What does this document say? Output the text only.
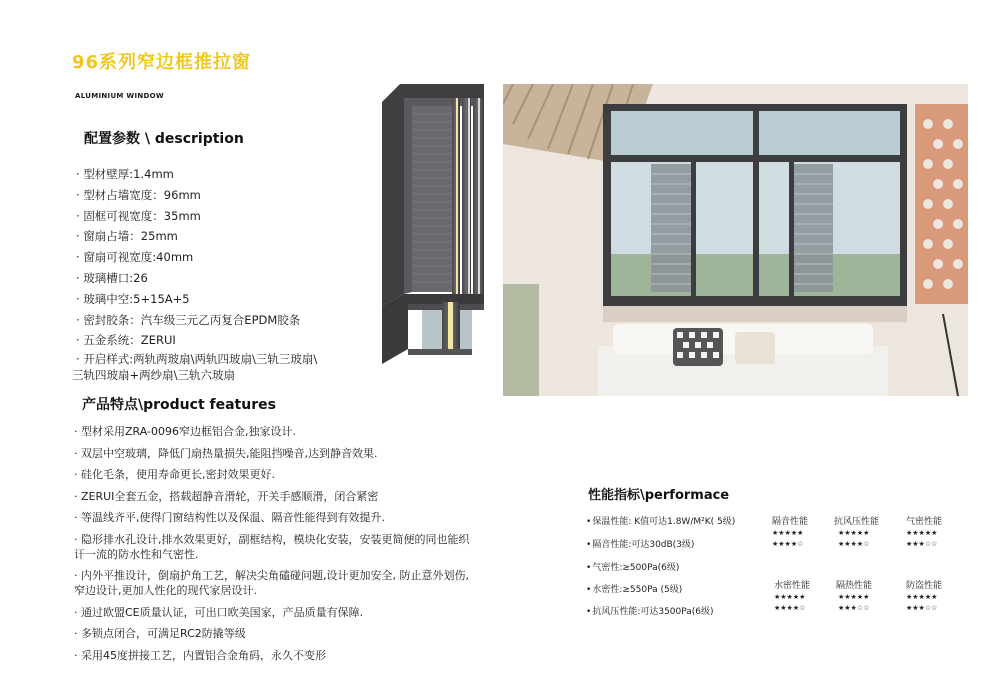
96系列窄边框推拉窗
ALUMINIUM WINDOW
配置参数 \ description
· 型材壁厚:1.4mm
· 型材占墙宽度：96mm
· 固框可视宽度：35mm
· 窗扇占墙：25mm
· 窗扇可视宽度:40mm
· 玻璃槽口:26
· 玻璃中空:5+15A+5
· 密封胶条：汽车级三元乙丙复合EPDM胶条
· 五金系统：ZERUI
· 开启样式:两轨两玻扇\两轨四玻扇\三轨三玻扇\
三轨四玻扇+两纱扇\三轨六玻扇
产品特点\product features
· 型材采用ZRA-0096窄边框铝合金,独家设计.
· 双层中空玻璃，降低门扇热量损失,能阻挡噪音,达到静音效果.
· 硅化毛条，使用寿命更长,密封效果更好.
· ZERUI全套五金，搭载超静音滑轮，开关手感顺滑，闭合紧密
· 等温线齐平,使得门窗结构性以及保温、隔音性能得到有效提升.
· 隐形排水孔设计,排水效果更好，副框结构，模块化安装，安装更简便的同也能织
讦一流的防水性和气密性.
· 内外平推设计，倒扇护角工艺，解决尖角磕碰问题,设计更加安全, 防止意外划伤,
窄边设计,更加人性化的现代家居设计.
· 通过欧盟CE质量认证，可出口欧美国家，产品质量有保障.
· 多锁点闭合，可满足RC2防撬等级
· 采用45度拼接工艺，内置铝合金角码，永久不变形
性能指标\performace
• 保温性能: K值可达1.8W/M²K( 5级)
• 隔音性能:可达30dB(3级)
• 气密性:≥500Pa(6级)
• 水密性:≥550Pa (5级)
• 抗风压性能:可达3500Pa(6级)
隔音性能
★★★★★
★★★★☆
抗风压性能
★★★★★
★★★★☆
气密性能
★★★★★
★★★☆☆
水密性能
★★★★★
★★★★☆
隔热性能
★★★★★
★★★☆☆
防盗性能
★★★★★
★★★☆☆
